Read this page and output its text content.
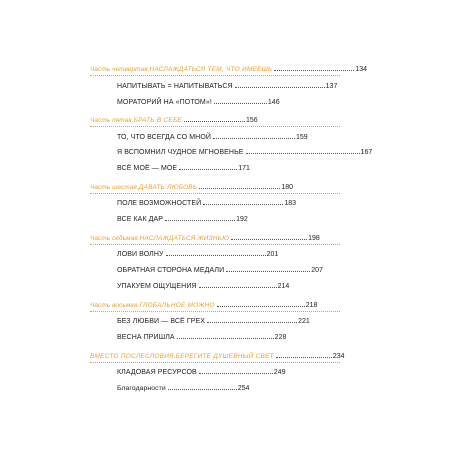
Часть четвертая . НАСЛАЖДАТЬСЯ ТЕМ, ЧТО ИМЕЕШЬ	134
НАПИТЫВАТЬ = НАПИТЫВАТЬСЯ	137
МОРАТОРИЙ НА «ПОТОМ»!	146
Часть пятая . БРАТЬ В СЕБЕ	156
ТО, ЧТО ВСЕГДА СО МНОЙ	159
Я ВСПОМНИЛ ЧУДНОЕ МГНОВЕНЬЕ	167
ВСЁ МОЁ — МОЕ	171
Часть шестая . ДАВАТЬ ЛЮБОВЬ	180
ПОЛЕ ВОЗМОЖНОСТЕЙ	183
ВСЕ КАК ДАР	192
Часть седьмая . НАСЛАЖДАТЬСЯ ЖИЗНЬЮ	198
ЛОВИ ВОЛНУ	201
ОБРАТНАЯ СТОРОНА МЕДАЛИ	207
УПАКУЕМ ОЩУЩЕНИЯ	214
Часть восьмая . ГЛОБАЛЬНОЕ МОЖНО	218
БЕЗ ЛЮБВИ — ВСЁ ГРЕХ	221
ВЕСНА ПРИШЛА	228
ВМЕСТО ПОСЛЕСЛОВИЯ . БЕРЕГИТЕ ДУШЕВНЫЙ СВЕТ	234
КЛАДОВАЯ РЕСУРСОВ	249
Благодарности	254
